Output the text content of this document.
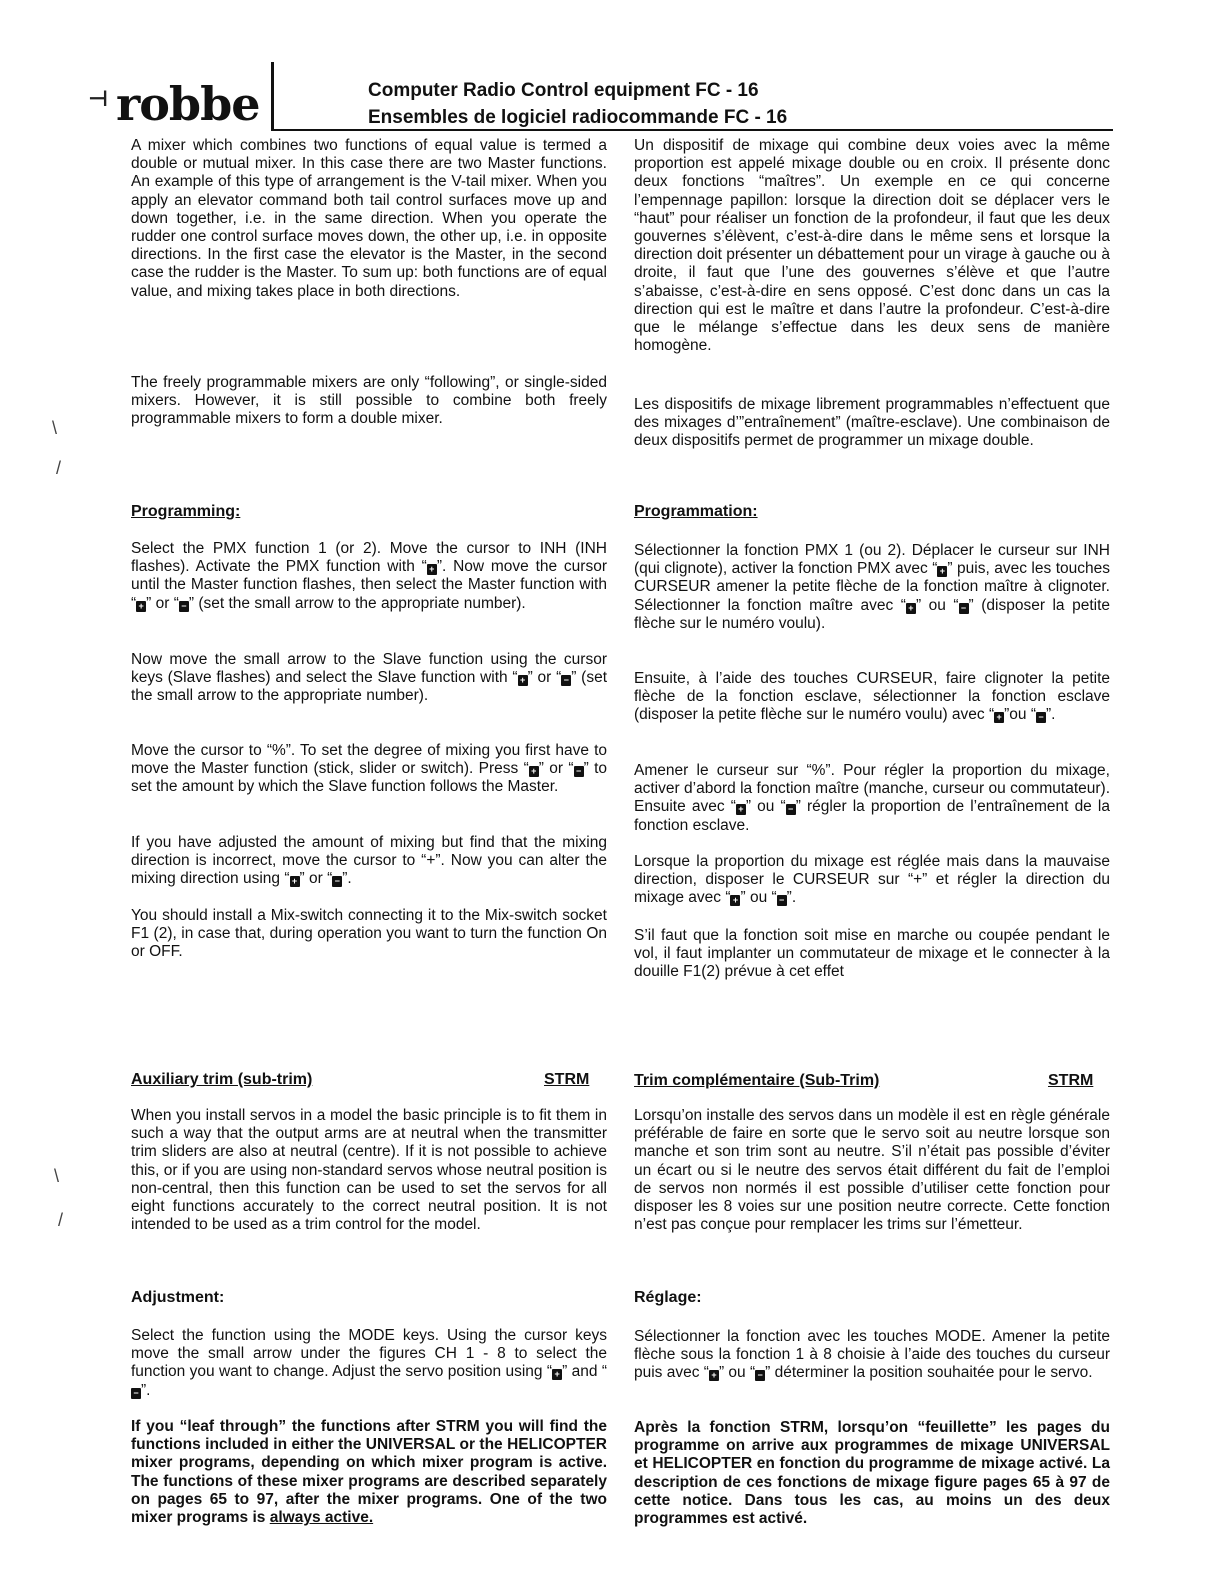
⊣ robbe	Computer Radio Control equipment FC - 16
Ensembles de logiciel radiocommande FC - 16
\
/
\
/

A mixer which combines two functions of equal value is termed a double or mutual mixer. In this case there are two Master functions. An example of this type of arrangement is the V-tail mixer. When you apply an elevator command both tail control surfaces move up and down together, i.e. in the same direction. When you operate the rudder one control surface moves down, the other up, i.e. in opposite directions. In the first case the elevator is the Master, in the second case the rudder is the Master. To sum up: both functions are of equal value, and mixing takes place in both directions.

The freely programmable mixers are only “following”, or single-sided mixers. However, it is still possible to combine both freely programmable mixers to form a double mixer.

Programming:

Select the PMX function 1 (or 2). Move the cursor to INH (INH flashes). Activate the PMX function with “ + ”. Now move the cursor until the Master function flashes, then select the Master function with “ + ” or “ − ” (set the small arrow to the appropriate number).

Now move the small arrow to the Slave function using the cursor keys (Slave flashes) and select the Slave function with “ + ” or “ − ” (set the small arrow to the appropriate number).

Move the cursor to “%”. To set the degree of mixing you first have to move the Master function (stick, slider or switch). Press “ + ” or “ − ” to set the amount by which the Slave function follows the Master.

If you have adjusted the amount of mixing but find that the mixing direction is incorrect, move the cursor to “+”. Now you can alter the mixing direction using “ + ” or “ − ”.

You should install a Mix-switch connecting it to the Mix-switch socket F1 (2), in case that, during operation you want to turn the function On or OFF.

Auxiliary trim (sub-trim)	STRM

When you install servos in a model the basic principle is to fit them in such a way that the output arms are at neutral when the transmitter trim sliders are also at neutral (centre). If it is not possible to achieve this, or if you are using non-standard servos whose neutral position is non-central, then this function can be used to set the servos for all eight functions accurately to the correct neutral position. It is not intended to be used as a trim control for the model.

Adjustment:

Select the function using the MODE keys. Using the cursor keys move the small arrow under the figures CH 1 - 8 to select the function you want to change. Adjust the servo position using “ + ” and “− ”.

If you “leaf through” the functions after STRM you will find the functions included in either the UNIVERSAL or the HELICOPTER mixer programs, depending on which mixer program is active. The functions of these mixer programs are described separately on pages 65 to 97, after the mixer programs. One of the two mixer programs is always active.

Un dispositif de mixage qui combine deux voies avec la même proportion est appelé mixage double ou en croix. Il présente donc deux fonctions “maîtres”. Un exemple en ce qui concerne l’empennage papillon: lorsque la direction doit se déplacer vers le “haut” pour réaliser un fonction de la profondeur, il faut que les deux gouvernes s’élèvent, c’est-à-dire dans le même sens et lorsque la direction doit présenter un débattement pour un virage à gauche ou à droite, il faut que l’une des gouvernes s’élève et que l’autre s’abaisse, c’est-à-dire en sens opposé. C’est donc dans un cas la direction qui est le maître et dans l’autre la profondeur. C’est-à-dire que le mélange s’effectue dans les deux sens de manière homogène.

Les dispositifs de mixage librement programmables n’effectuent que des mixages d’”entraînement” (maître-esclave). Une combinaison de deux dispositifs permet de programmer un mixage double.

Programmation:

Sélectionner la fonction PMX 1 (ou 2). Déplacer le curseur sur INH (qui clignote), activer la fonction PMX avec “ + ” puis, avec les touches CURSEUR amener la petite flèche de la fonction maître à clignoter. Sélectionner la fonction maître avec “ + ” ou “ − ” (disposer la petite flèche sur le numéro voulu).

Ensuite, à l’aide des touches CURSEUR, faire clignoter la petite flèche de la fonction esclave, sélectionner la fonction esclave (disposer la petite flèche sur le numéro voulu) avec “ + ”ou “ − ”.

Amener le curseur sur “%”. Pour régler la proportion du mixage, activer d’abord la fonction maître (manche, curseur ou commutateur). Ensuite avec “ + ” ou “ − ” régler la proportion de l’entraînement de la fonction esclave.

Lorsque la proportion du mixage est réglée mais dans la mauvaise direction, disposer le CURSEUR sur “+” et régler la direction du mixage avec “ + ” ou “ − ”.

S’il faut que la fonction soit mise en marche ou coupée pendant le vol, il faut implanter un commutateur de mixage et le connecter à la douille F1(2) prévue à cet effet

Trim complémentaire (Sub-Trim)	STRM

Lorsqu’on installe des servos dans un modèle il est en règle générale préférable de faire en sorte que le servo soit au neutre lorsque son manche et son trim sont au neutre. S’il n’était pas possible d’éviter un écart ou si le neutre des servos était différent du fait de l’emploi de servos non normés il est possible d’utiliser cette fonction pour disposer les 8 voies sur une position neutre correcte. Cette fonction n’est pas conçue pour remplacer les trims sur l’émetteur.

Réglage:

Sélectionner la fonction avec les touches MODE. Amener la petite flèche sous la fonction 1 à 8 choisie à l’aide des touches du curseur puis avec “ + ” ou “ − ” déterminer la position souhaitée pour le servo.

Après la fonction STRM, lorsqu’on “feuillette” les pages du programme on arrive aux programmes de mixage UNIVERSAL et HELICOPTER en fonction du programme de mixage activé. La description de ces fonctions de mixage figure pages 65 à 97 de cette notice. Dans tous les cas, au moins un des deux programmes est activé.
